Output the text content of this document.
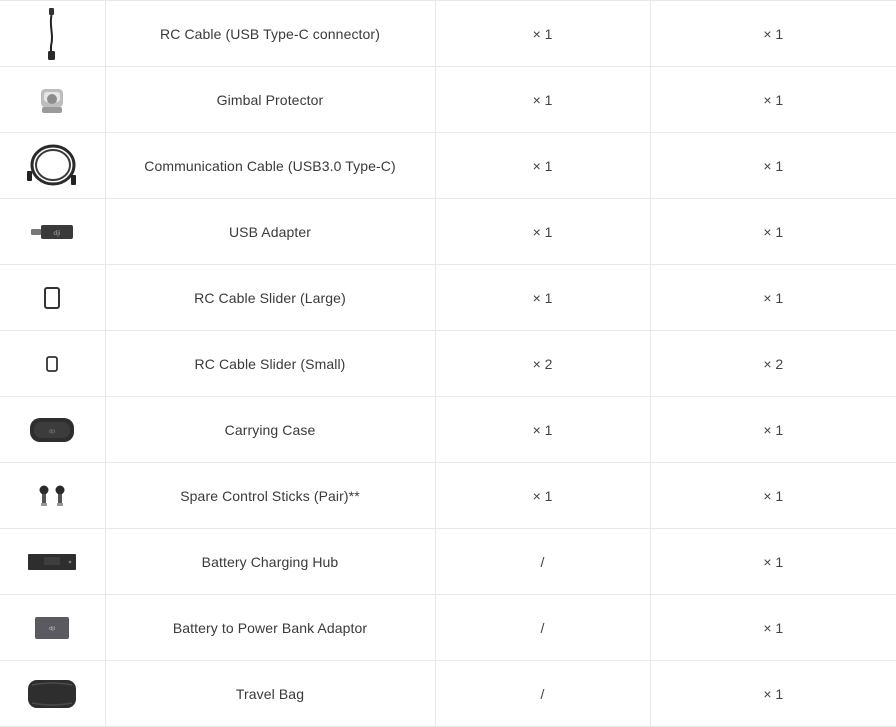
	RC Cable (USB Type-C connector)	× 1	× 1

	Gimbal Protector	× 1	× 1

	Communication Cable (USB3.0 Type-C)	× 1	× 1

dji	USB Adapter	× 1	× 1

	RC Cable Slider (Large)	× 1	× 1

	RC Cable Slider (Small)	× 2	× 2

dji	Carrying Case	× 1	× 1

	Spare Control Sticks (Pair)**	× 1	× 1

	Battery Charging Hub	/	× 1

dji	Battery to Power Bank Adaptor	/	× 1

	Travel Bag	/	× 1
